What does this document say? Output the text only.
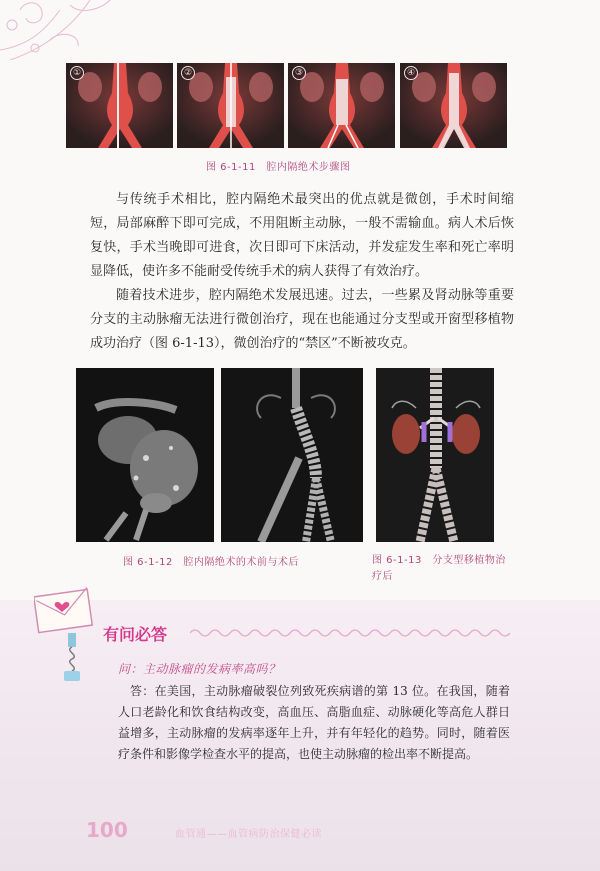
①	②	③	④
图 6-1-11　腔内隔绝术步骤图

与传统手术相比，腔内隔绝术最突出的优点就是微创，手术时间缩短，局部麻醉下即可完成，不用阻断主动脉，一般不需输血。病人术后恢复快，手术当晚即可进食，次日即可下床活动，并发症发生率和死亡率明显降低，使许多不能耐受传统手术的病人获得了有效治疗。

随着技术进步，腔内隔绝术发展迅速。过去，一些累及肾动脉等重要分支的主动脉瘤无法进行微创治疗，现在也能通过分支型或开窗型移植物成功治疗（图 6-1-13），微创治疗的“禁区”不断被攻克。

图 6-1-12　腔内隔绝术的术前与术后	图 6-1-13　分支型移植物治疗后
有问必答
问：主动脉瘤的发病率高吗？

答：在美国，主动脉瘤破裂位列致死疾病谱的第 13 位。在我国，随着人口老龄化和饮食结构改变，高血压、高脂血症、动脉硬化等高危人群日益增多，主动脉瘤的发病率逐年上升，并有年轻化的趋势。同时，随着医疗条件和影像学检查水平的提高，也使主动脉瘤的检出率不断提高。

100	血管通——血管病防治保健必读
